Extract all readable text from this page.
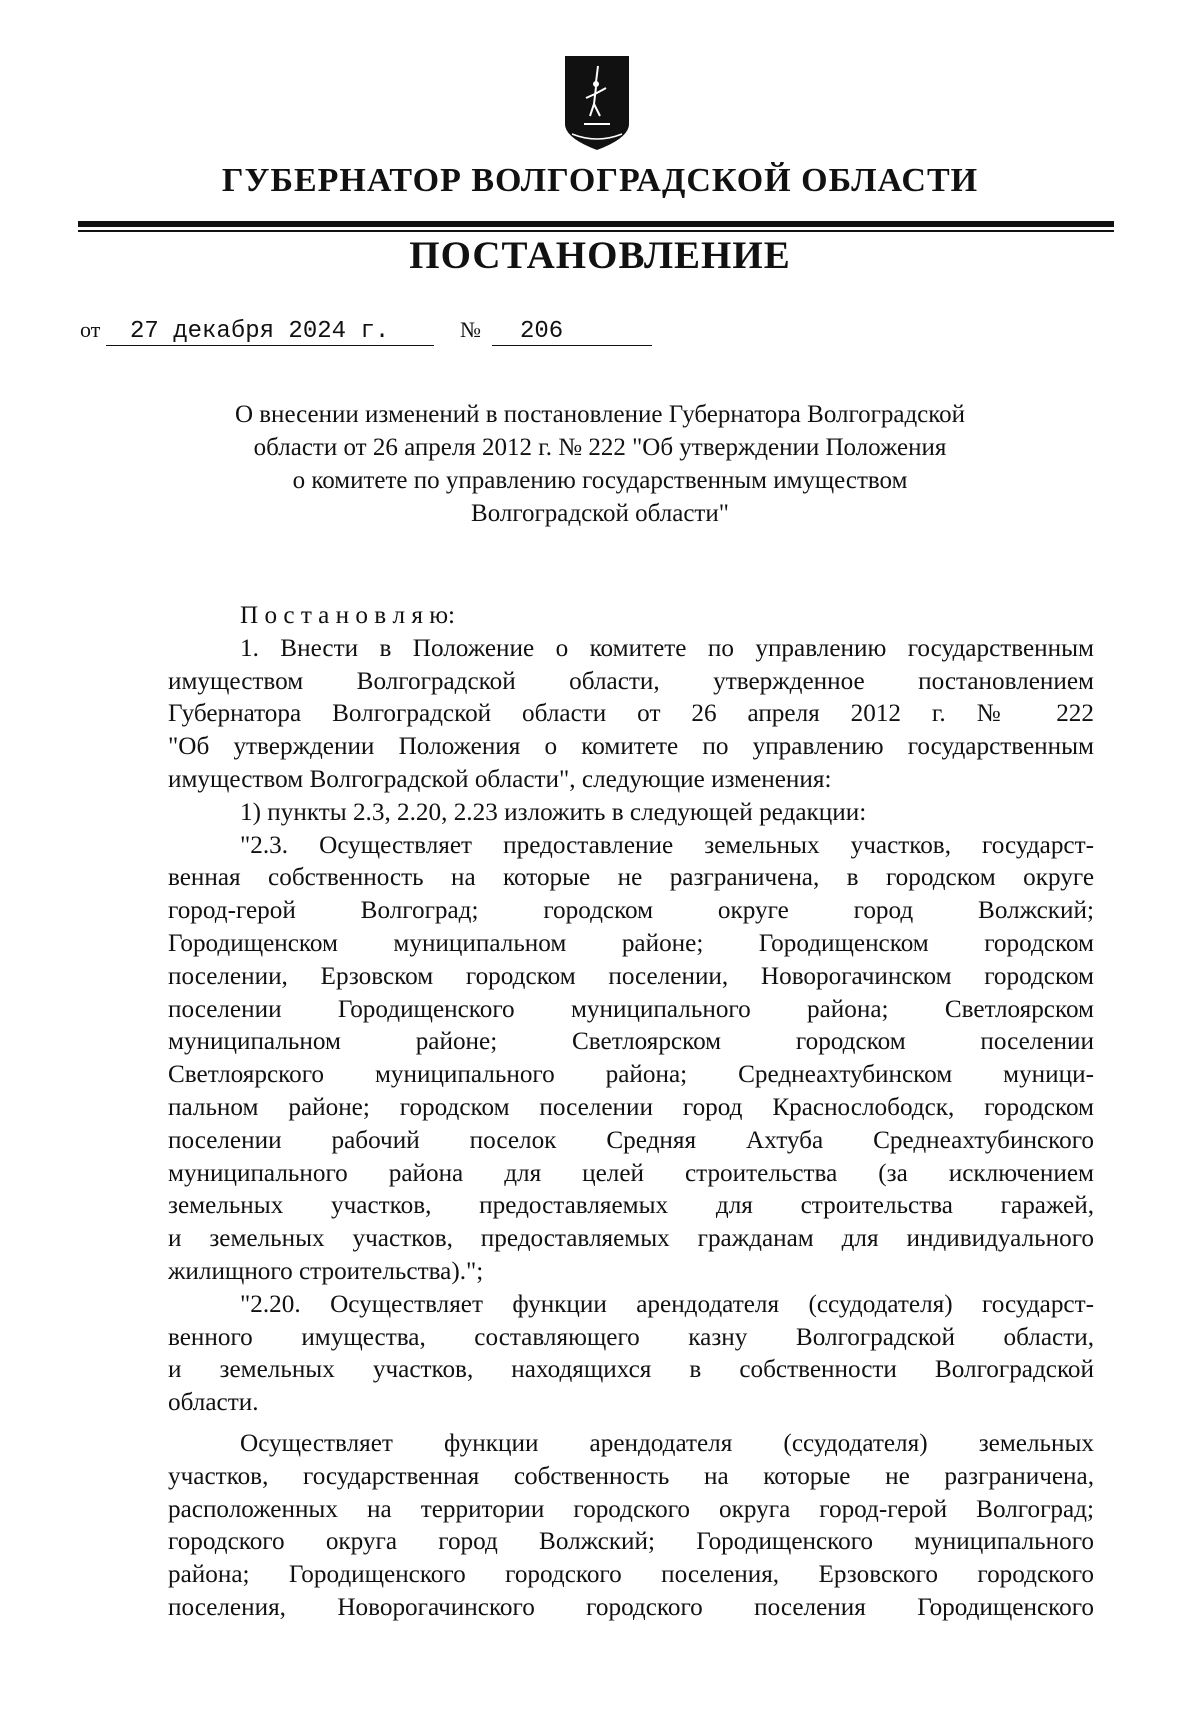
ГУБЕРНАТОР ВОЛГОГРАДСКОЙ ОБЛАСТИ
ПОСТАНОВЛЕНИЕ
от 27 декабря 2024 г.	№ 206
О внесении изменений в постановление Губернатора Волгоградской
области от 26 апреля 2012 г. № 222 "Об утверждении Положения
о комитете по управлению государственным имуществом
Волгоградской области"
П о с т а н о в л я ю:
1. Внести в Положение о комитете по управлению государственным
имуществом Волгоградской области, утвержденное постановлением
Губернатора Волгоградской области от 26 апреля 2012 г. № 222
"Об утверждении Положения о комитете по управлению государственным
имуществом Волгоградской области", следующие изменения:
1) пункты 2.3, 2.20, 2.23 изложить в следующей редакции:
"2.3. Осуществляет предоставление земельных участков, государст-
венная собственность на которые не разграничена, в городском округе
город-герой Волгоград; городском округе город Волжский;
Городищенском муниципальном районе; Городищенском городском
поселении, Ерзовском городском поселении, Новорогачинском городском
поселении Городищенского муниципального района; Светлоярском
муниципальном районе; Светлоярском городском поселении
Светлоярского муниципального района; Среднеахтубинском муници-
пальном районе; городском поселении город Краснослободск, городском
поселении рабочий поселок Средняя Ахтуба Среднеахтубинского
муниципального района для целей строительства (за исключением
земельных участков, предоставляемых для строительства гаражей,
и земельных участков, предоставляемых гражданам для индивидуального
жилищного строительства).";
"2.20. Осуществляет функции арендодателя (ссудодателя) государст-
венного имущества, составляющего казну Волгоградской области,
и земельных участков, находящихся в собственности Волгоградской
области.
Осуществляет функции арендодателя (ссудодателя) земельных
участков, государственная собственность на которые не разграничена,
расположенных на территории городского округа город-герой Волгоград;
городского округа город Волжский; Городищенского муниципального
района; Городищенского городского поселения, Ерзовского городского
поселения, Новорогачинского городского поселения Городищенского
